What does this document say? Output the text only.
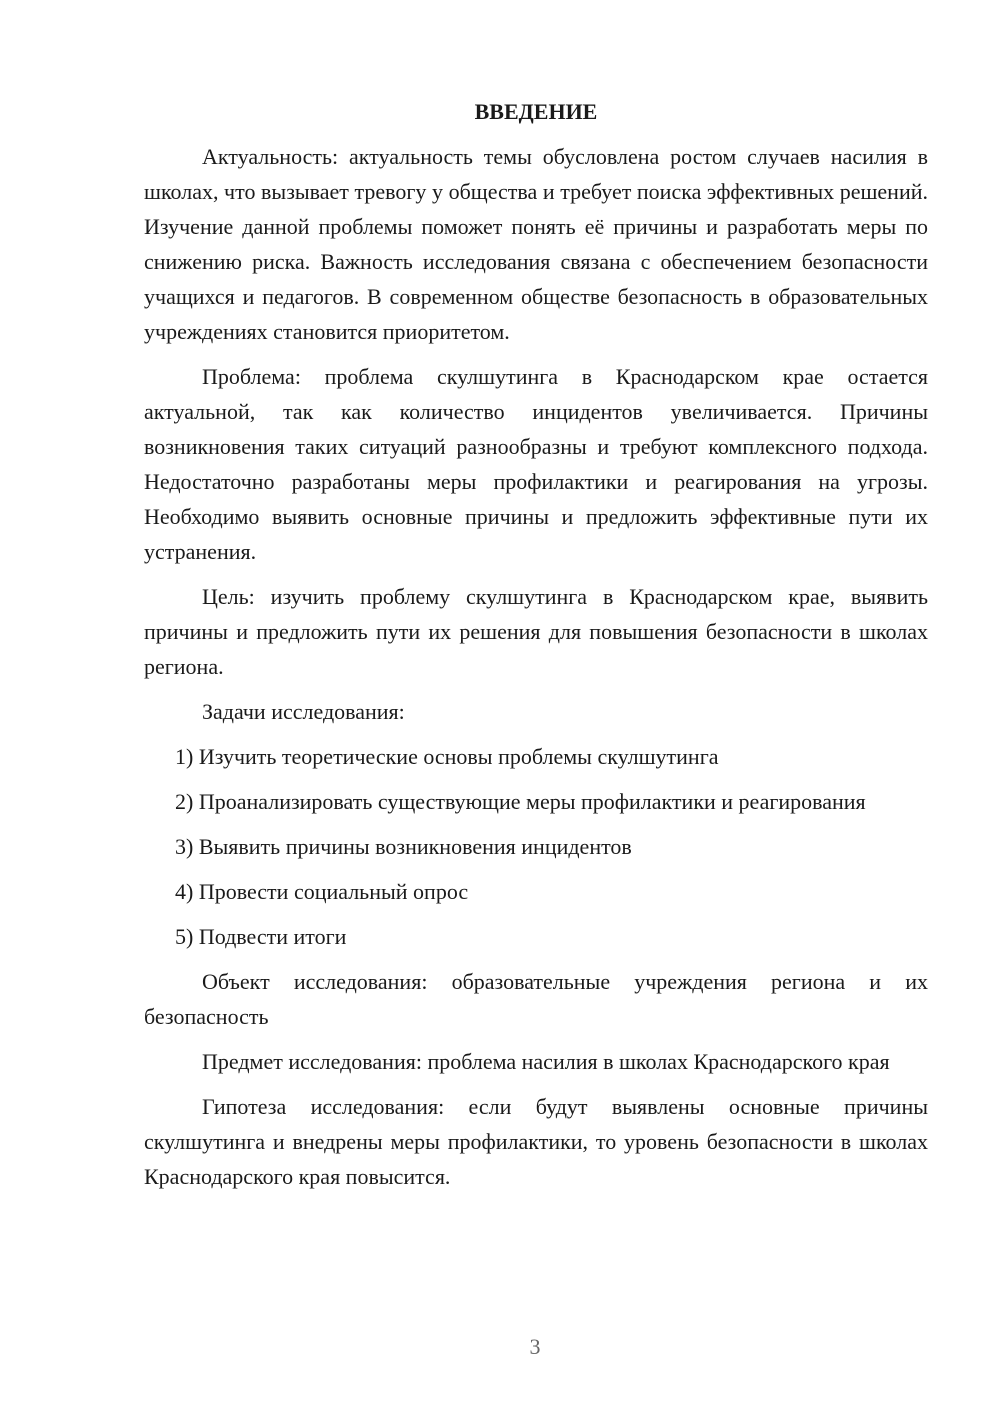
ВВЕДЕНИЕ

Актуальность: актуальность темы обусловлена ростом случаев насилия в школах, что вызывает тревогу у общества и требует поиска эффективных решений. Изучение данной проблемы поможет понять её причины и разработать меры по снижению риска. Важность исследования связана с обеспечением безопасности учащихся и педагогов. В современном обществе безопасность в образовательных учреждениях становится приоритетом.

Проблема: проблема скулшутинга в Краснодарском крае остается актуальной, так как количество инцидентов увеличивается. Причины возникновения таких ситуаций разнообразны и требуют комплексного подхода. Недостаточно разработаны меры профилактики и реагирования на угрозы. Необходимо выявить основные причины и предложить эффективные пути их устранения.

Цель: изучить проблему скулшутинга в Краснодарском крае, выявить причины и предложить пути их решения для повышения безопасности в школах региона.

Задачи исследования:

1) Изучить теоретические основы проблемы скулшутинга

2) Проанализировать существующие меры профилактики и реагирования

3) Выявить причины возникновения инцидентов

4) Провести социальный опрос

5) Подвести итоги

Объект исследования: образовательные учреждения региона и их безопасность

Предмет исследования: проблема насилия в школах Краснодарского края

Гипотеза исследования: если будут выявлены основные причины скулшутинга и внедрены меры профилактики, то уровень безопасности в школах Краснодарского края повысится.

3
